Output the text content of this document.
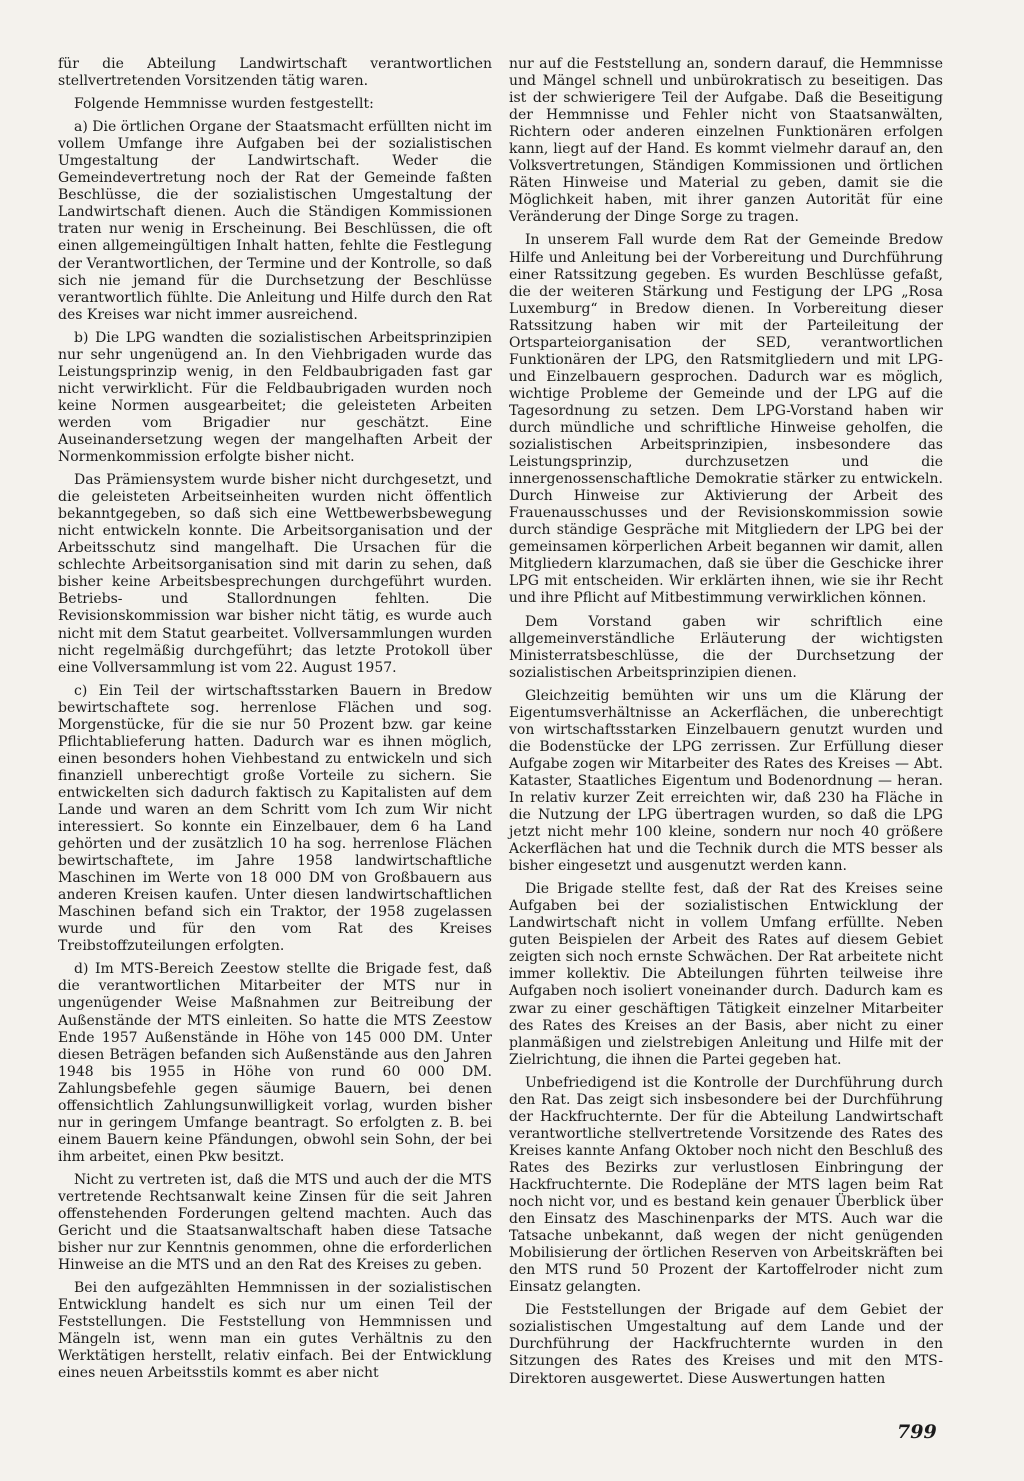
für die Abteilung Landwirtschaft verantwortlichen stellvertretenden Vorsitzenden tätig waren.

Folgende Hemmnisse wurden festgestellt:

a) Die örtlichen Organe der Staatsmacht erfüllten nicht im vollem Umfange ihre Aufgaben bei der sozialistischen Umgestaltung der Landwirtschaft. Weder die Gemeindevertretung noch der Rat der Gemeinde faßten Beschlüsse, die der sozialistischen Umgestaltung der Landwirtschaft dienen. Auch die Ständigen Kommissionen traten nur wenig in Erscheinung. Bei Beschlüssen, die oft einen allgemeingültigen Inhalt hatten, fehlte die Festlegung der Verantwortlichen, der Termine und der Kontrolle, so daß sich nie jemand für die Durchsetzung der Beschlüsse verantwortlich fühlte. Die Anleitung und Hilfe durch den Rat des Kreises war nicht immer ausreichend.

b) Die LPG wandten die sozialistischen Arbeitsprinzipien nur sehr ungenügend an. In den Viehbrigaden wurde das Leistungsprinzip wenig, in den Feldbaubrigaden fast gar nicht verwirklicht. Für die Feldbaubrigaden wurden noch keine Normen ausgearbeitet; die geleisteten Arbeiten werden vom Brigadier nur geschätzt. Eine Auseinandersetzung wegen der mangelhaften Arbeit der Normenkommission erfolgte bisher nicht.

Das Prämiensystem wurde bisher nicht durchgesetzt, und die geleisteten Arbeitseinheiten wurden nicht öffentlich bekanntgegeben, so daß sich eine Wettbewerbsbewegung nicht entwickeln konnte. Die Arbeitsorganisation und der Arbeitsschutz sind mangelhaft. Die Ursachen für die schlechte Arbeitsorganisation sind mit darin zu sehen, daß bisher keine Arbeitsbesprechungen durchgeführt wurden. Betriebs- und Stallordnungen fehlten. Die Revisionskommission war bisher nicht tätig, es wurde auch nicht mit dem Statut gearbeitet. Vollversammlungen wurden nicht regelmäßig durchgeführt; das letzte Protokoll über eine Vollversammlung ist vom 22. August 1957.

c) Ein Teil der wirtschaftsstarken Bauern in Bredow bewirtschaftete sog. herrenlose Flächen und sog. Morgenstücke, für die sie nur 50 Prozent bzw. gar keine Pflichtablieferung hatten. Dadurch war es ihnen möglich, einen besonders hohen Viehbestand zu entwickeln und sich finanziell unberechtigt große Vorteile zu sichern. Sie entwickelten sich dadurch faktisch zu Kapitalisten auf dem Lande und waren an dem Schritt vom Ich zum Wir nicht interessiert. So konnte ein Einzelbauer, dem 6 ha Land gehörten und der zusätzlich 10 ha sog. herrenlose Flächen bewirtschaftete, im Jahre 1958 landwirtschaftliche Maschinen im Werte von 18 000 DM von Großbauern aus anderen Kreisen kaufen. Unter diesen landwirtschaftlichen Maschinen befand sich ein Traktor, der 1958 zugelassen wurde und für den vom Rat des Kreises Treibstoffzuteilungen erfolgten.

d) Im MTS-Bereich Zeestow stellte die Brigade fest, daß die verantwortlichen Mitarbeiter der MTS nur in ungenügender Weise Maßnahmen zur Beitreibung der Außenstände der MTS einleiten. So hatte die MTS Zeestow Ende 1957 Außenstände in Höhe von 145 000 DM. Unter diesen Beträgen befanden sich Außenstände aus den Jahren 1948 bis 1955 in Höhe von rund 60 000 DM. Zahlungsbefehle gegen säumige Bauern, bei denen offensichtlich Zahlungsunwilligkeit vorlag, wurden bisher nur in geringem Umfange beantragt. So erfolgten z. B. bei einem Bauern keine Pfändungen, obwohl sein Sohn, der bei ihm arbeitet, einen Pkw besitzt.

Nicht zu vertreten ist, daß die MTS und auch der die MTS vertretende Rechtsanwalt keine Zinsen für die seit Jahren offenstehenden Forderungen geltend machten. Auch das Gericht und die Staatsanwaltschaft haben diese Tatsache bisher nur zur Kenntnis genommen, ohne die erforderlichen Hinweise an die MTS und an den Rat des Kreises zu geben.

Bei den aufgezählten Hemmnissen in der sozialistischen Entwicklung handelt es sich nur um einen Teil der Feststellungen. Die Feststellung von Hemmnissen und Mängeln ist, wenn man ein gutes Verhältnis zu den Werktätigen herstellt, relativ einfach. Bei der Entwicklung eines neuen Arbeitsstils kommt es aber nicht

nur auf die Feststellung an, sondern darauf, die Hemmnisse und Mängel schnell und unbürokratisch zu beseitigen. Das ist der schwierigere Teil der Aufgabe. Daß die Beseitigung der Hemmnisse und Fehler nicht von Staatsanwälten, Richtern oder anderen einzelnen Funktionären erfolgen kann, liegt auf der Hand. Es kommt vielmehr darauf an, den Volksvertretungen, Ständigen Kommissionen und örtlichen Räten Hinweise und Material zu geben, damit sie die Möglichkeit haben, mit ihrer ganzen Autorität für eine Veränderung der Dinge Sorge zu tragen.

In unserem Fall wurde dem Rat der Gemeinde Bredow Hilfe und Anleitung bei der Vorbereitung und Durchführung einer Ratssitzung gegeben. Es wurden Beschlüsse gefaßt, die der weiteren Stärkung und Festigung der LPG „Rosa Luxemburg“ in Bredow dienen. In Vorbereitung dieser Ratssitzung haben wir mit der Parteileitung der Ortsparteiorganisation der SED, verantwortlichen Funktionären der LPG, den Ratsmitgliedern und mit LPG- und Einzelbauern gesprochen. Dadurch war es möglich, wichtige Probleme der Gemeinde und der LPG auf die Tagesordnung zu setzen. Dem LPG-Vorstand haben wir durch mündliche und schriftliche Hinweise geholfen, die sozialistischen Arbeitsprinzipien, insbesondere das Leistungsprinzip, durchzusetzen und die innergenossenschaftliche Demokratie stärker zu entwickeln. Durch Hinweise zur Aktivierung der Arbeit des Frauenausschusses und der Revisionskommission sowie durch ständige Gespräche mit Mitgliedern der LPG bei der gemeinsamen körperlichen Arbeit begannen wir damit, allen Mitgliedern klarzumachen, daß sie über die Geschicke ihrer LPG mit entscheiden. Wir erklärten ihnen, wie sie ihr Recht und ihre Pflicht auf Mitbestimmung verwirklichen können.

Dem Vorstand gaben wir schriftlich eine allgemeinverständliche Erläuterung der wichtigsten Ministerratsbeschlüsse, die der Durchsetzung der sozialistischen Arbeitsprinzipien dienen.

Gleichzeitig bemühten wir uns um die Klärung der Eigentumsverhältnisse an Ackerflächen, die unberechtigt von wirtschaftsstarken Einzelbauern genutzt wurden und die Bodenstücke der LPG zerrissen. Zur Erfüllung dieser Aufgabe zogen wir Mitarbeiter des Rates des Kreises — Abt. Kataster, Staatliches Eigentum und Bodenordnung — heran. In relativ kurzer Zeit erreichten wir, daß 230 ha Fläche in die Nutzung der LPG übertragen wurden, so daß die LPG jetzt nicht mehr 100 kleine, sondern nur noch 40 größere Ackerflächen hat und die Technik durch die MTS besser als bisher eingesetzt und ausgenutzt werden kann.

Die Brigade stellte fest, daß der Rat des Kreises seine Aufgaben bei der sozialistischen Entwicklung der Landwirtschaft nicht in vollem Umfang erfüllte. Neben guten Beispielen der Arbeit des Rates auf diesem Gebiet zeigten sich noch ernste Schwächen. Der Rat arbeitete nicht immer kollektiv. Die Abteilungen führten teilweise ihre Aufgaben noch isoliert voneinander durch. Dadurch kam es zwar zu einer geschäftigen Tätigkeit einzelner Mitarbeiter des Rates des Kreises an der Basis, aber nicht zu einer planmäßigen und zielstrebigen Anleitung und Hilfe mit der Zielrichtung, die ihnen die Partei gegeben hat.

Unbefriedigend ist die Kontrolle der Durchführung durch den Rat. Das zeigt sich insbesondere bei der Durchführung der Hackfruchternte. Der für die Abteilung Landwirtschaft verantwortliche stellvertretende Vorsitzende des Rates des Kreises kannte Anfang Oktober noch nicht den Beschluß des Rates des Bezirks zur verlustlosen Einbringung der Hackfruchternte. Die Rodepläne der MTS lagen beim Rat noch nicht vor, und es bestand kein genauer Überblick über den Einsatz des Maschinenparks der MTS. Auch war die Tatsache unbekannt, daß wegen der nicht genügenden Mobilisierung der örtlichen Reserven von Arbeitskräften bei den MTS rund 50 Prozent der Kartoffelroder nicht zum Einsatz gelangten.

Die Feststellungen der Brigade auf dem Gebiet der sozialistischen Umgestaltung auf dem Lande und der Durchführung der Hackfruchternte wurden in den Sitzungen des Rates des Kreises und mit den MTS-Direktoren ausgewertet. Diese Auswertungen hatten

799
